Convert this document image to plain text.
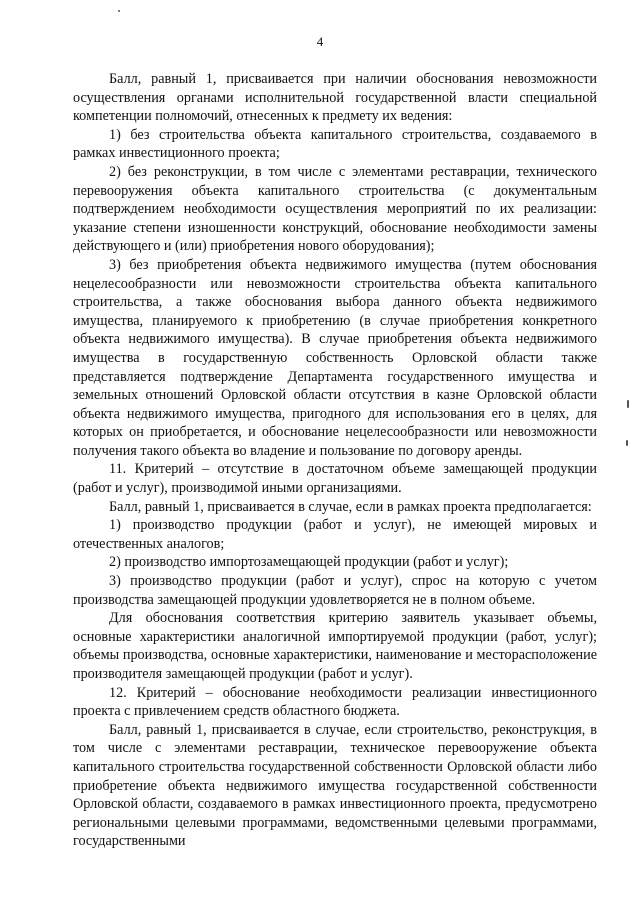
4

Балл, равный 1, присваивается при наличии обоснования невозможности осуществления органами исполнительной государственной власти специальной компетенции полномочий, отнесенных к предмету их ведения:

1) без строительства объекта капитального строительства, создаваемого в рамках инвестиционного проекта;

2) без реконструкции, в том числе с элементами реставрации, технического перевооружения объекта капитального строительства (с документальным подтверждением необходимости осуществления мероприятий по их реализации: указание степени изношенности конструкций, обоснование необходимости замены действующего и (или) приобретения нового оборудования);

3) без приобретения объекта недвижимого имущества (путем обоснования нецелесообразности или невозможности строительства объекта капитального строительства, а также обоснования выбора данного объекта недвижимого имущества, планируемого к приобретению (в случае приобретения конкретного объекта недвижимого имущества). В случае приобретения объекта недвижимого имущества в государственную собственность Орловской области также представляется подтверждение Департамента государственного имущества и земельных отношений Орловской области отсутствия в казне Орловской области объекта недвижимого имущества, пригодного для использования его в целях, для которых он приобретается, и обоснование нецелесообразности или невозможности получения такого объекта во владение и пользование по договору аренды.

11. Критерий – отсутствие в достаточном объеме замещающей продукции (работ и услуг), производимой иными организациями.

Балл, равный 1, присваивается в случае, если в рамках проекта предполагается:

1) производство продукции (работ и услуг), не имеющей мировых и отечественных аналогов;

2) производство импортозамещающей продукции (работ и услуг);

3) производство продукции (работ и услуг), спрос на которую с учетом производства замещающей продукции удовлетворяется не в полном объеме.

Для обоснования соответствия критерию заявитель указывает объемы, основные характеристики аналогичной импортируемой продукции (работ, услуг); объемы производства, основные характеристики, наименование и месторасположение производителя замещающей продукции (работ и услуг).

12. Критерий – обоснование необходимости реализации инвестиционного проекта с привлечением средств областного бюджета.

Балл, равный 1, присваивается в случае, если строительство, реконструкция, в том числе с элементами реставрации, техническое перевооружение объекта капитального строительства государственной собственности Орловской области либо приобретение объекта недвижимого имущества государственной собственности Орловской области, создаваемого в рамках инвестиционного проекта, предусмотрено региональными целевыми программами, ведомственными целевыми программами, государственными
